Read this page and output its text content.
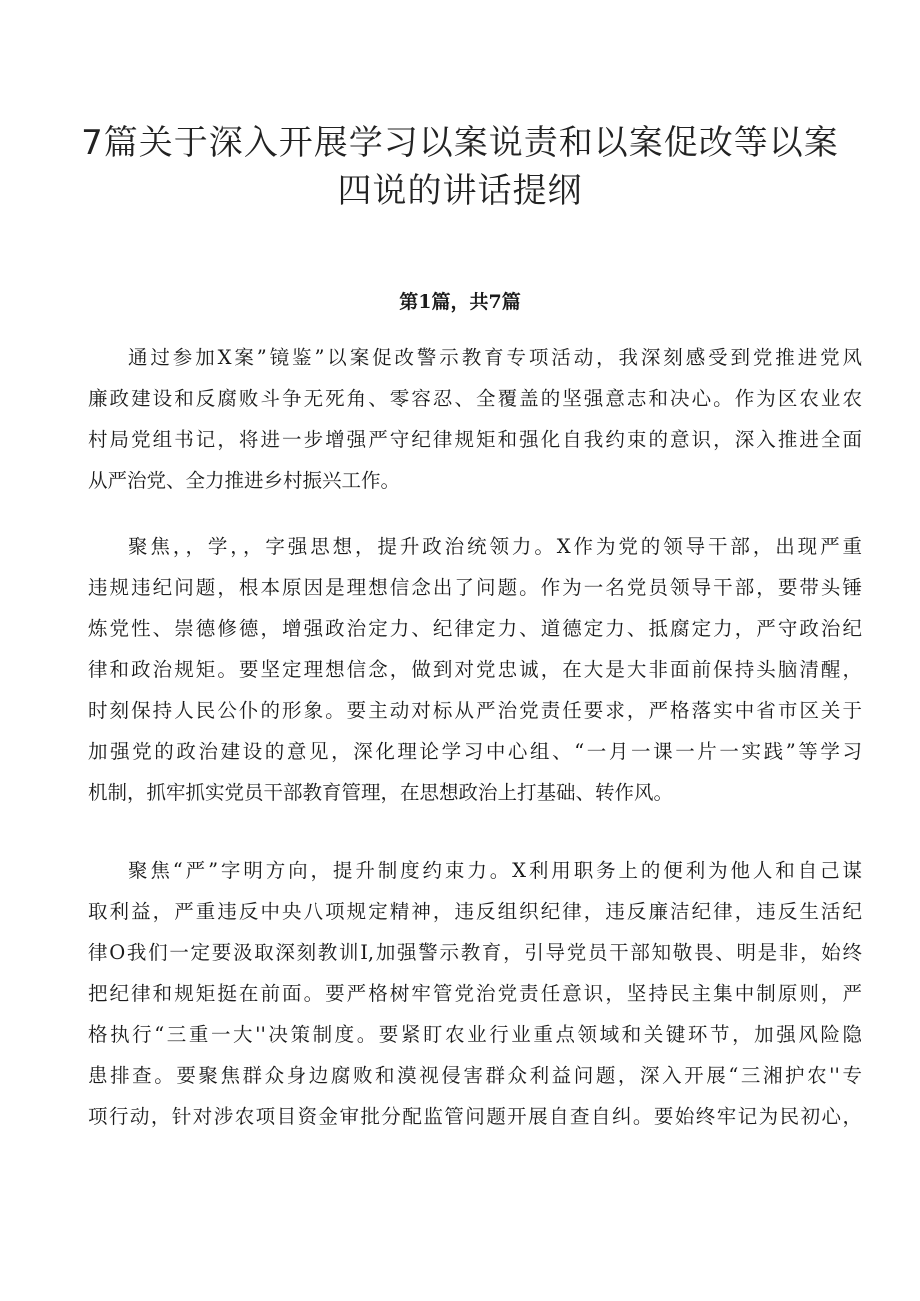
7篇关于深入开展学习以案说责和以案促改等以案
四说的讲话提纲
第1篇，共7篇
通过参加X案”镜鉴”以案促改警示教育专项活动，我深刻感受到党推进党风
廉政建设和反腐败斗争无死角、零容忍、全覆盖的坚强意志和决心。作为区农业农
村局党组书记，将进一步增强严守纪律规矩和强化自我约束的意识，深入推进全面
从严治党、全力推进乡村振兴工作。
聚焦，，学，，字强思想，提升政治统领力。X作为党的领导干部，出现严重
违规违纪问题，根本原因是理想信念出了问题。作为一名党员领导干部，要带头锤
炼党性、崇德修德，增强政治定力、纪律定力、道德定力、抵腐定力，严守政治纪
律和政治规矩。要坚定理想信念，做到对党忠诚，在大是大非面前保持头脑清醒，
时刻保持人民公仆的形象。要主动对标从严治党责任要求，严格落实中省市区关于
加强党的政治建设的意见，深化理论学习中心组、“一月一课一片一实践”等学习
机制，抓牢抓实党员干部教育管理，在思想政治上打基础、转作风。
聚焦“严”字明方向，提升制度约束力。X利用职务上的便利为他人和自己谋
取利益，严重违反中央八项规定精神，违反组织纪律，违反廉洁纪律，违反生活纪
律O我们一定要汲取深刻教训I,加强警示教育，引导党员干部知敬畏、明是非，始终
把纪律和规矩挺在前面。要严格树牢管党治党责任意识，坚持民主集中制原则，严
格执行“三重一大''决策制度。要紧盯农业行业重点领域和关键环节，加强风险隐
患排查。要聚焦群众身边腐败和漠视侵害群众利益问题，深入开展“三湘护农''专
项行动，针对涉农项目资金审批分配监管问题开展自查自纠。要始终牢记为民初心，
